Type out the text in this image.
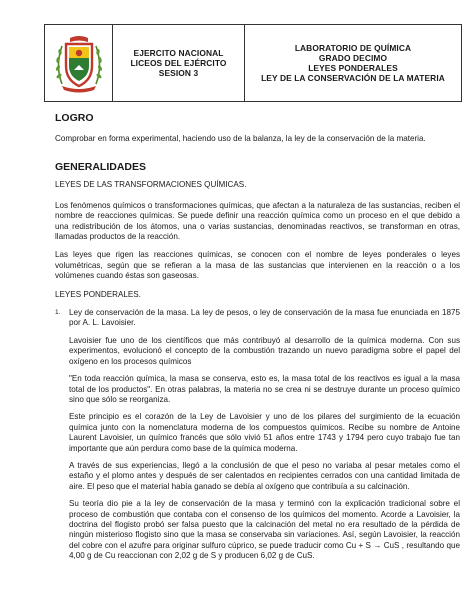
EJERCITO NACIONAL
LICEOS DEL EJÉRCITO
SESION 3
LABORATORIO DE QUÍMICA
GRADO DECIMO
LEYES PONDERALES
LEY DE LA CONSERVACIÓN DE LA MATERIA
LOGRO

Comprobar en forma experimental, haciendo uso de la balanza, la ley de la conservación de la materia.

GENERALIDADES

LEYES DE LAS TRANSFORMACIONES QUÍMICAS.

Los fenómenos químicos o transformaciones químicas, que afectan a la naturaleza de las sustancias, reciben el nombre de reacciones químicas. Se puede definir una reacción química como un proceso en el que debido a una redistribución de los átomos, una o varias sustancias, denominadas reactivos, se transforman en otras, llamadas productos de la reacción.

Las leyes que rigen las reacciones químicas, se conocen con el nombre de leyes ponderales o leyes volumétricas, según que se refieran a la masa de las sustancias que intervienen en la reacción o a los volúmenes cuando éstas son gaseosas.

LEYES PONDERALES.

1.	Ley de conservación de la masa. La ley de pesos, o ley de conservación de la masa fue enunciada en 1875 por A. L. Lavoisier.

Lavoisier fue uno de los científicos que más contribuyó al desarrollo de la química moderna. Con sus experimentos, evolucionó el concepto de la combustión trazando un nuevo paradigma sobre el papel del oxígeno en los procesos químicos

"En toda reacción química, la masa se conserva, esto es, la masa total de los reactivos es igual a la masa total de los productos". En otras palabras, la materia no se crea ni se destruye durante un proceso químico sino que sólo se reorganiza.

Este principio es el corazón de la Ley de Lavoisier y uno de los pilares del surgimiento de la ecuación química junto con la nomenclatura moderna de los compuestos químicos. Recibe su nombre de Antoine Laurent Lavoisier, un químico francés que sólo vivió 51 años entre 1743 y 1794 pero cuyo trabajo fue tan importante que aún perdura como base de la química moderna.

A través de sus experiencias, llegó a la conclusión de que el peso no variaba al pesar metales como el estaño y el plomo antes y después de ser calentados en recipientes cerrados con una cantidad limitada de aire. El peso que el material había ganado se debía al oxígeno que contribuía a su calcinación.

Su teoría dio pie a la ley de conservación de la masa y terminó con la explicación tradicional sobre el proceso de combustión que contaba con el consenso de los químicos del momento. Acorde a Lavoisier, la doctrina del flogisto probó ser falsa puesto que la calcinación del metal no era resultado de la pérdida de ningún misterioso flogisto sino que la masa se conservaba sin variaciones. Así, según Lavoisier, la reacción del cobre con el azufre para originar sulfuro cúprico, se puede traducir como Cu + S → CuS , resultando que 4,00 g de Cu reaccionan con 2,02 g de S y producen 6,02 g de CuS.
